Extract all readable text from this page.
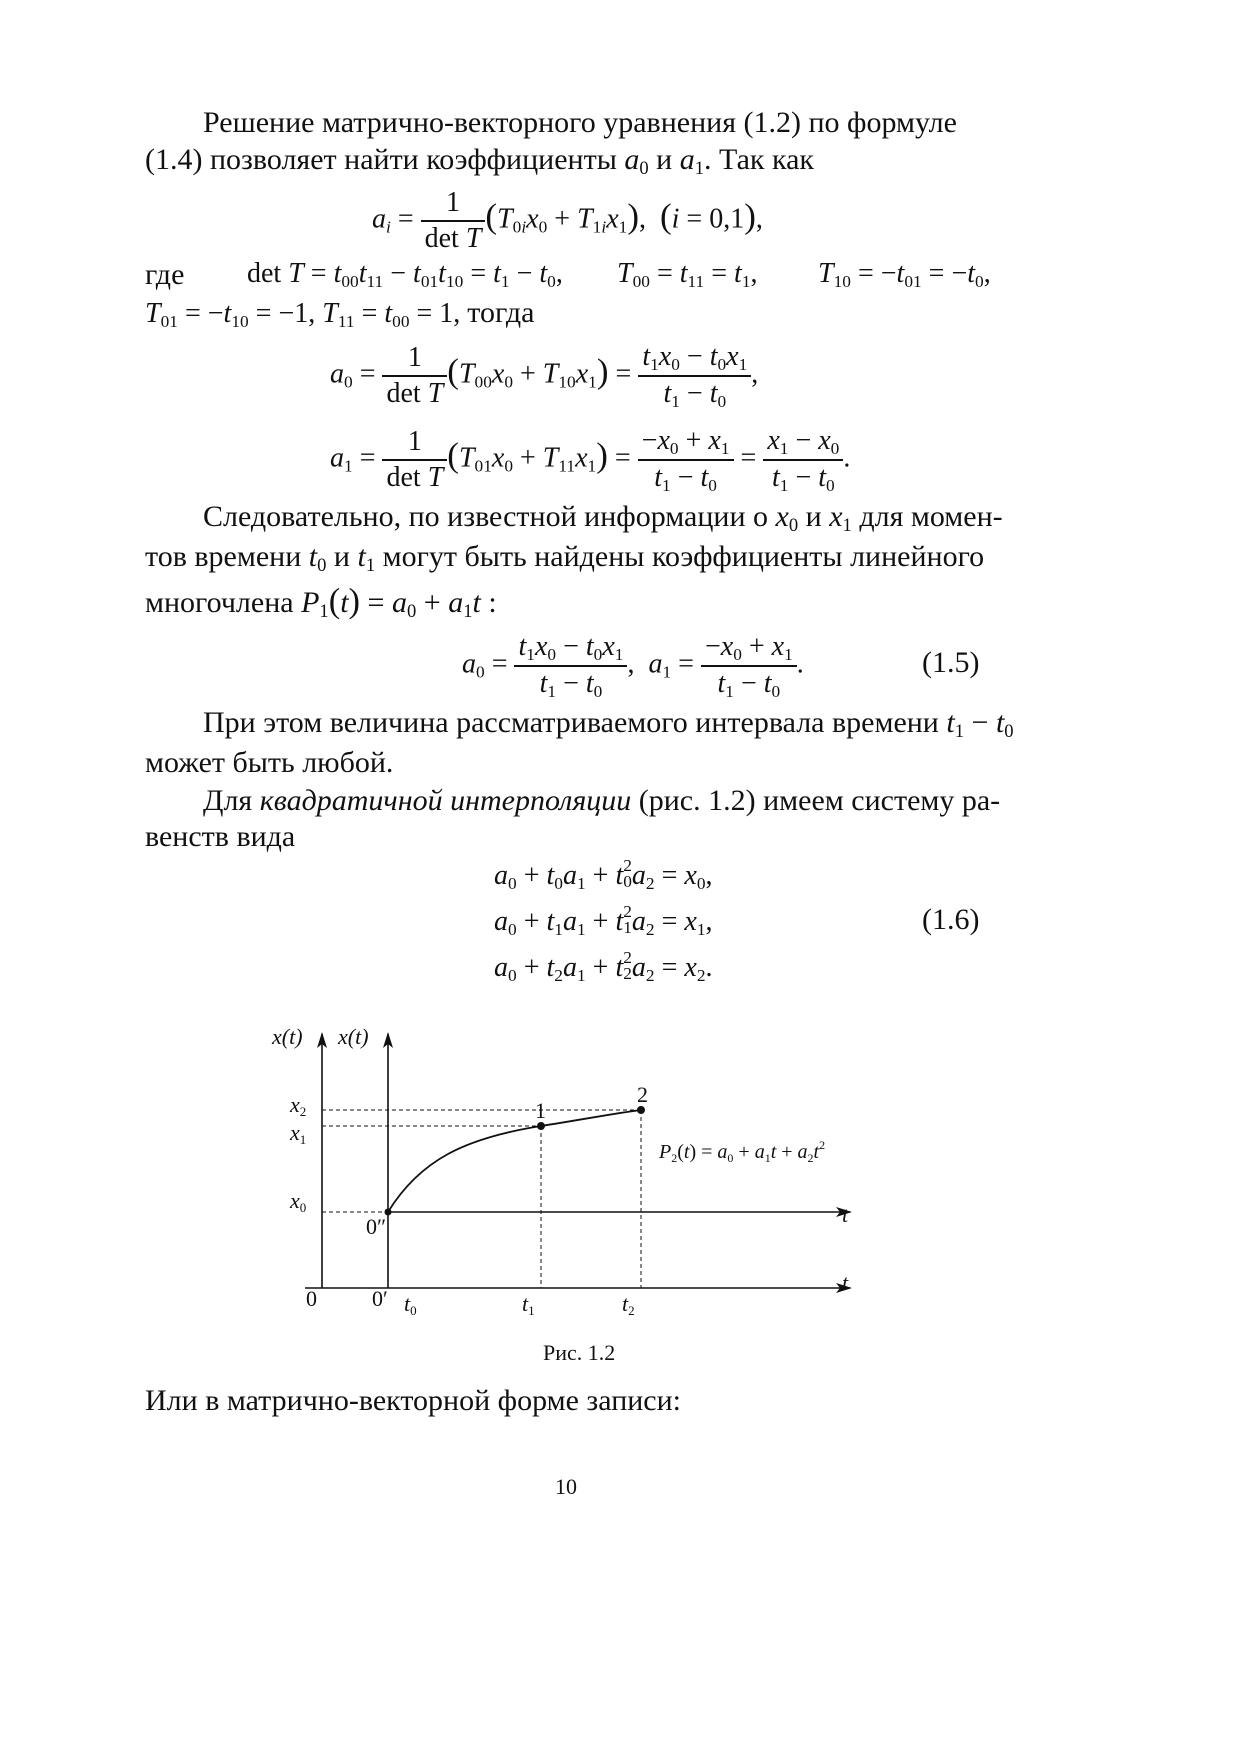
Решение матрично-векторного уравнения (1.2) по формуле
(1.4) позволяет найти коэффициенты $a_0$ и $a_1$. Так как
$a_i = \frac{1}{\text{det T}} (T_{0i}x_0 + T_{1i}x_1)$,  (i = 0,1),
где $\det T = t_{00}t_{11} - t_{01}t_{10} = t_1 - t_0$, $T_{00} = t_{11} = t_1$, $T_{10} = -t_{01} = -t_0$,
$T_{01} = -t_{10} = -1$, $T_{11} = t_{00} = 1$, тогда
$a_0 = \frac{1}{\text{det T}} (T_{00}x_0 + T_{10}x_1) = \frac{t_1x_0 - t_0x_1}{t_1 - t_0}$ ,
$a_1 = \frac{1}{\text{det T}} (T_{01}x_0 + T_{11}x_1) = \frac{-x_0 + x_1}{t_1 - t_0} = \frac{x_1 - x_0}{t_1 - t_0}$ .
Следовательно, по известной информации о $x_0$ и $x_1$ для момен-
тов времени $t_0$ и $t_1$ могут быть найдены коэффициенты линейного
многочлена $P_1(t) = a_0 + a_1t$ :
$a_0 = \frac{t_1x_0 - t_0x_1}{t_1 - t_0}$ ,  $a_1 = \frac{-x_0 + x_1}{t_1 - t_0}$ .	(1.5)
При этом величина рассматриваемого интервала времени $t_1 - t_0$
может быть любой.
Для квадратичной интерполяции (рис. 1.2) имеем систему ра-
венств вида
$a_0 + t_0a_1 + t$ 2
0 $a_2 = x_0$,
$a_0 + t_1a_1 + t$ 2
1 $a_2 = x_1$,
$a_0 + t_2a_1 + t$ 2
2 $a_2 = x_2$.
(1.6)
x(t) x(t)
x2
x1
x0
0″
0	0′ t0	t1	t2
t
t
1
2
$P_2(t) = a_0 + a_1t + a_2t^2$
Рис. 1.2
Или в матрично-векторной форме записи:
10
